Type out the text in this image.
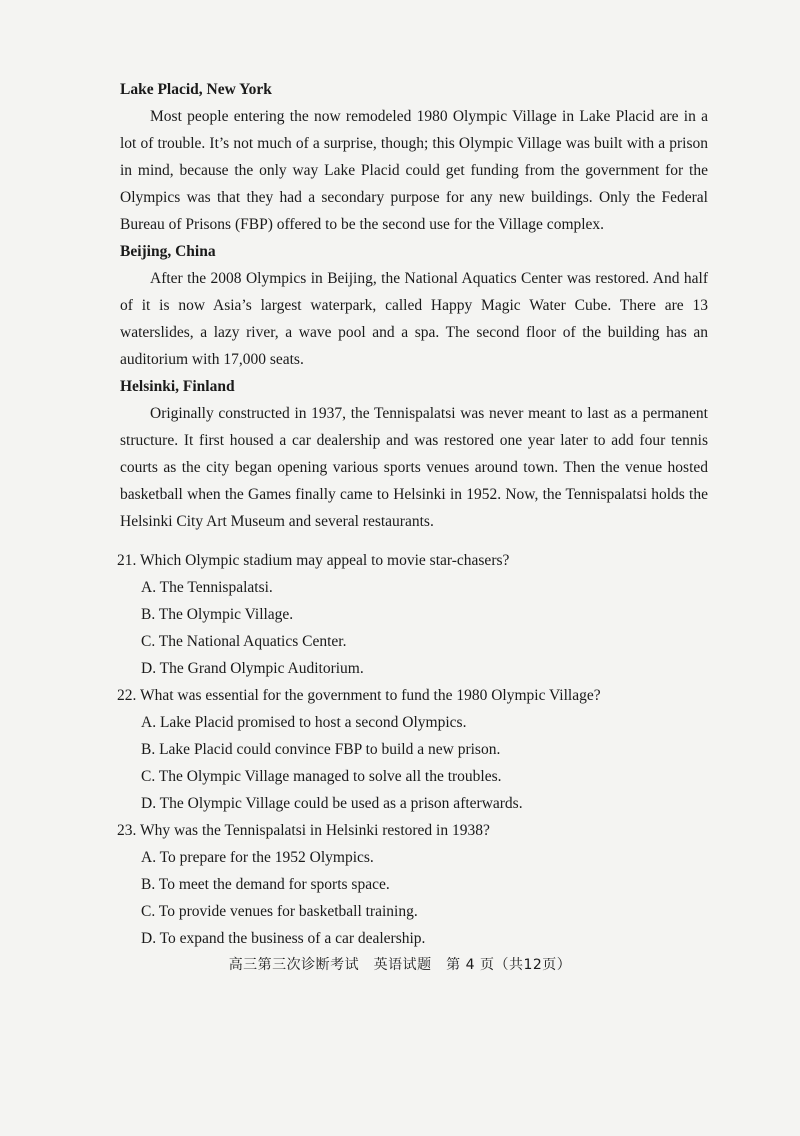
Lake Placid, New York

Most people entering the now remodeled 1980 Olympic Village in Lake Placid are in a lot of trouble. It’s not much of a surprise, though; this Olympic Village was built with a prison in mind, because the only way Lake Placid could get funding from the government for the Olympics was that they had a secondary purpose for any new buildings. Only the Federal Bureau of Prisons (FBP) offered to be the second use for the Village complex.

Beijing, China

After the 2008 Olympics in Beijing, the National Aquatics Center was restored. And half of it is now Asia’s largest waterpark, called Happy Magic Water Cube. There are 13 waterslides, a lazy river, a wave pool and a spa. The second floor of the building has an auditorium with 17,000 seats.

Helsinki, Finland

Originally constructed in 1937, the Tennispalatsi was never meant to last as a permanent structure. It first housed a car dealership and was restored one year later to add four tennis courts as the city began opening various sports venues around town. Then the venue hosted basketball when the Games finally came to Helsinki in 1952. Now, the Tennispalatsi holds the Helsinki City Art Museum and several restaurants.

21. Which Olympic stadium may appeal to movie star-chasers?

A. The Tennispalatsi.

B. The Olympic Village.

C. The National Aquatics Center.

D. The Grand Olympic Auditorium.

22. What was essential for the government to fund the 1980 Olympic Village?

A. Lake Placid promised to host a second Olympics.

B. Lake Placid could convince FBP to build a new prison.

C. The Olympic Village managed to solve all the troubles.

D. The Olympic Village could be used as a prison afterwards.

23. Why was the Tennispalatsi in Helsinki restored in 1938?

A. To prepare for the 1952 Olympics.

B. To meet the demand for sports space.

C. To provide venues for basketball training.

D. To expand the business of a car dealership.

高三第三次诊断考试　英语试题　第 4 页（共12页）
